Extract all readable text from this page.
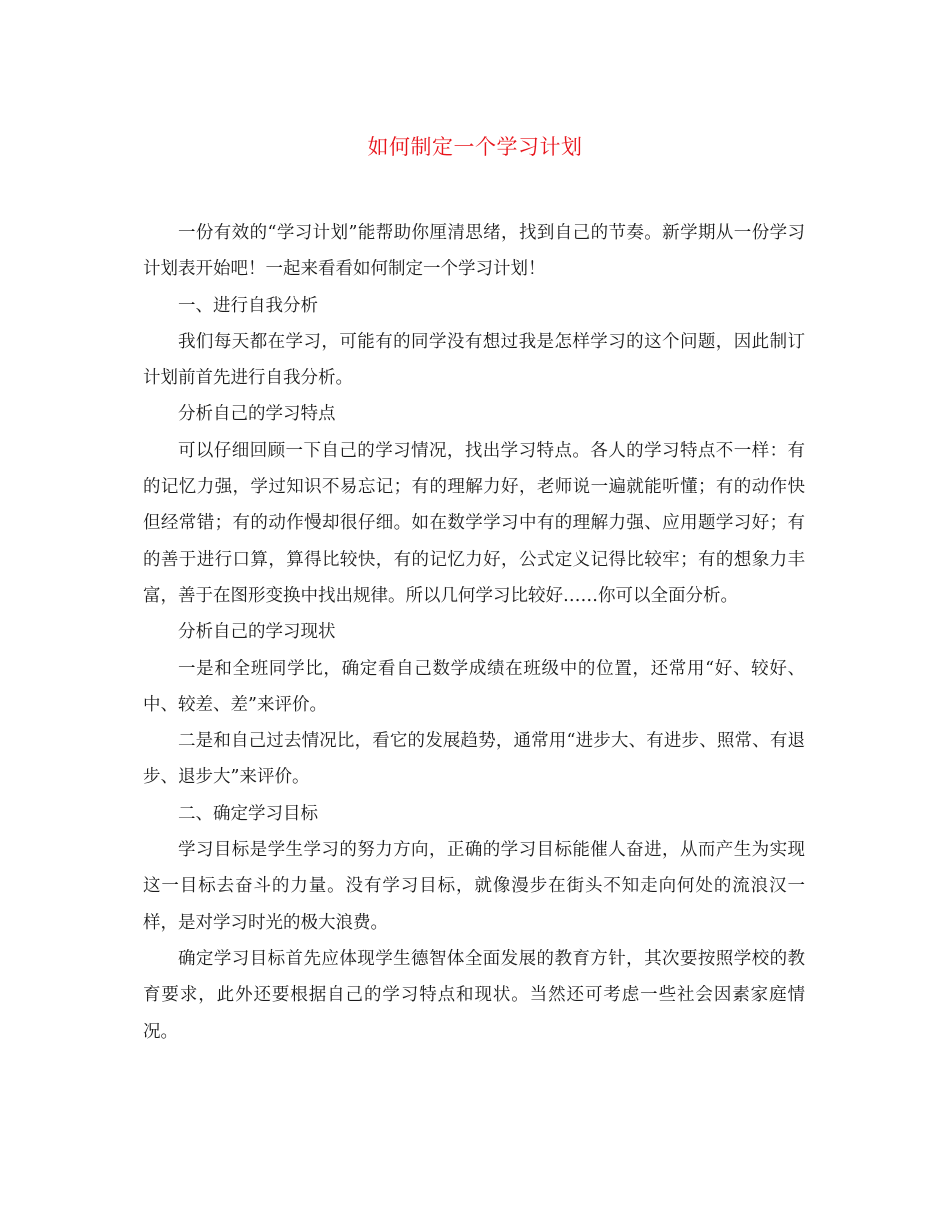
如何制定一个学习计划

一份有效的“学习计划”能帮助你厘清思绪，找到自己的节奏。新学期从一份学习计划表开始吧！一起来看看如何制定一个学习计划！

一、进行自我分析

我们每天都在学习，可能有的同学没有想过我是怎样学习的这个问题，因此制订计划前首先进行自我分析。

分析自己的学习特点

可以仔细回顾一下自己的学习情况，找出学习特点。各人的学习特点不一样：有的记忆力强，学过知识不易忘记；有的理解力好，老师说一遍就能听懂；有的动作快但经常错；有的动作慢却很仔细。如在数学学习中有的理解力强、应用题学习好；有的善于进行口算，算得比较快，有的记忆力好，公式定义记得比较牢；有的想象力丰富，善于在图形变换中找出规律。所以几何学习比较好……你可以全面分析。

分析自己的学习现状

一是和全班同学比，确定看自己数学成绩在班级中的位置，还常用“好、较好、中、较差、差”来评价。

二是和自己过去情况比，看它的发展趋势，通常用“进步大、有进步、照常、有退步、退步大”来评价。

二、确定学习目标

学习目标是学生学习的努力方向，正确的学习目标能催人奋进，从而产生为实现这一目标去奋斗的力量。没有学习目标，就像漫步在街头不知走向何处的流浪汉一样，是对学习时光的极大浪费。

确定学习目标首先应体现学生德智体全面发展的教育方针，其次要按照学校的教育要求，此外还要根据自己的学习特点和现状。当然还可考虑一些社会因素家庭情况。
